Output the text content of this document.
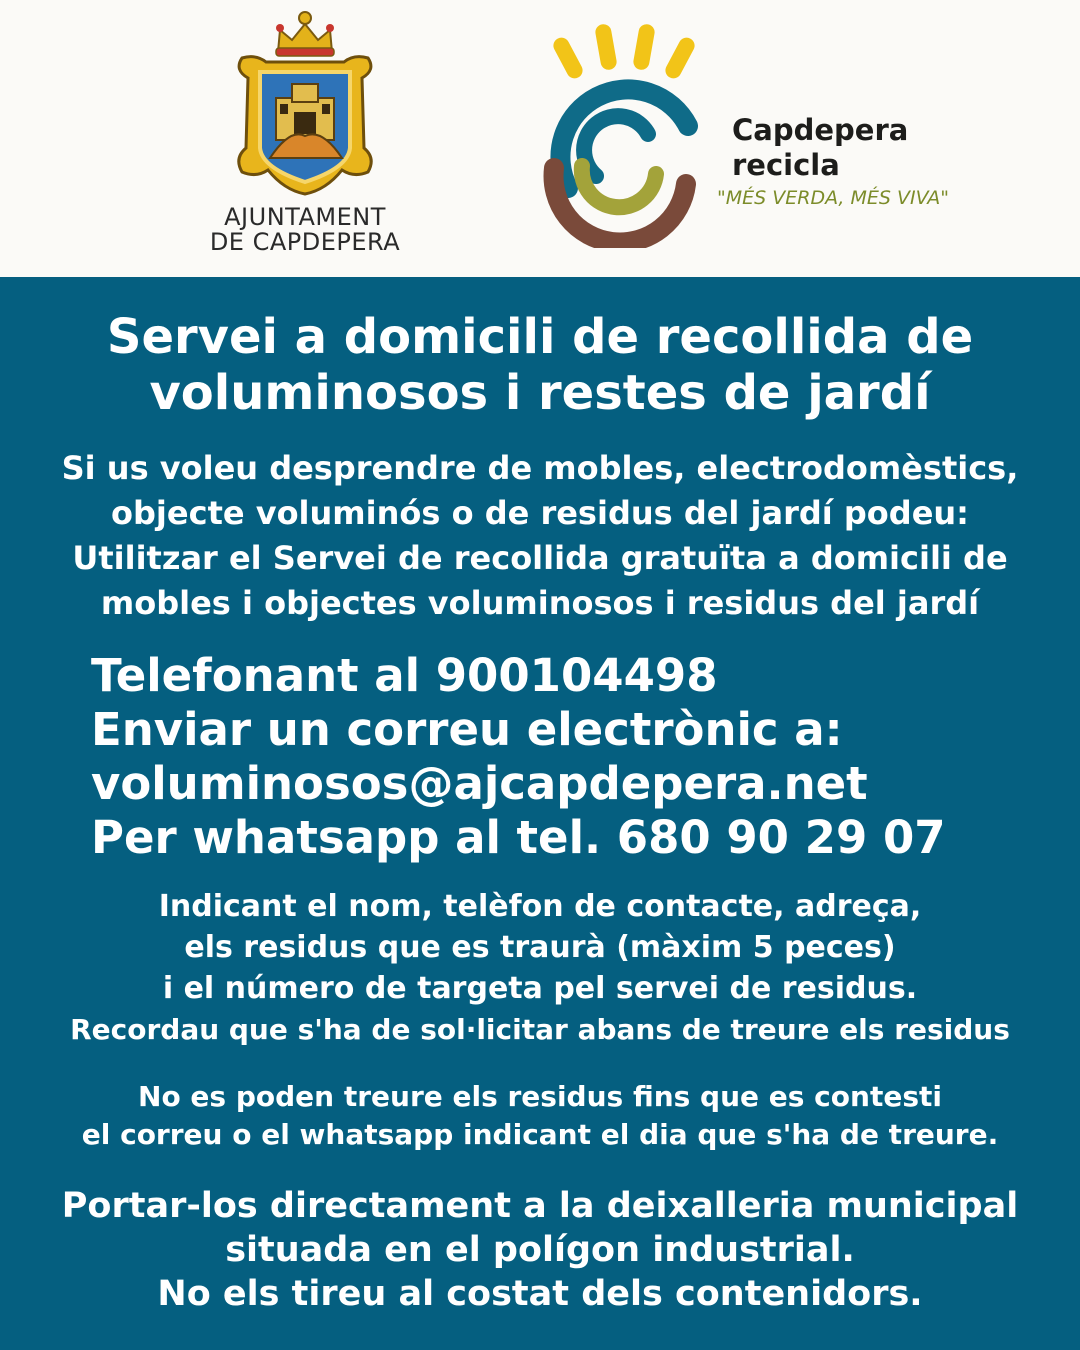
AJUNTAMENT
DE CAPDEPERA
Capdepera
recicla
"MÉS VERDA, MÉS VIVA"
Servei a domicili de recollida de
voluminosos i restes de jardí
Si us voleu desprendre de mobles, electrodomèstics,
objecte voluminós o de residus del jardí podeu:
Utilitzar el Servei de recollida gratuïta a domicili de
mobles i objectes voluminosos i residus del jardí
Telefonant al 900104498
Enviar un correu electrònic a:
voluminosos@ajcapdepera.net
Per whatsapp al tel. 680 90 29 07
Indicant el nom, telèfon de contacte, adreça,
els residus que es traurà (màxim 5 peces)
i el número de targeta pel servei de residus.
Recordau que s'ha de sol·licitar abans de treure els residus
No es poden treure els residus fins que es contesti
el correu o el whatsapp indicant el dia que s'ha de treure.
Portar-los directament a la deixalleria municipal
situada en el polígon industrial.
No els tireu al costat dels contenidors.
